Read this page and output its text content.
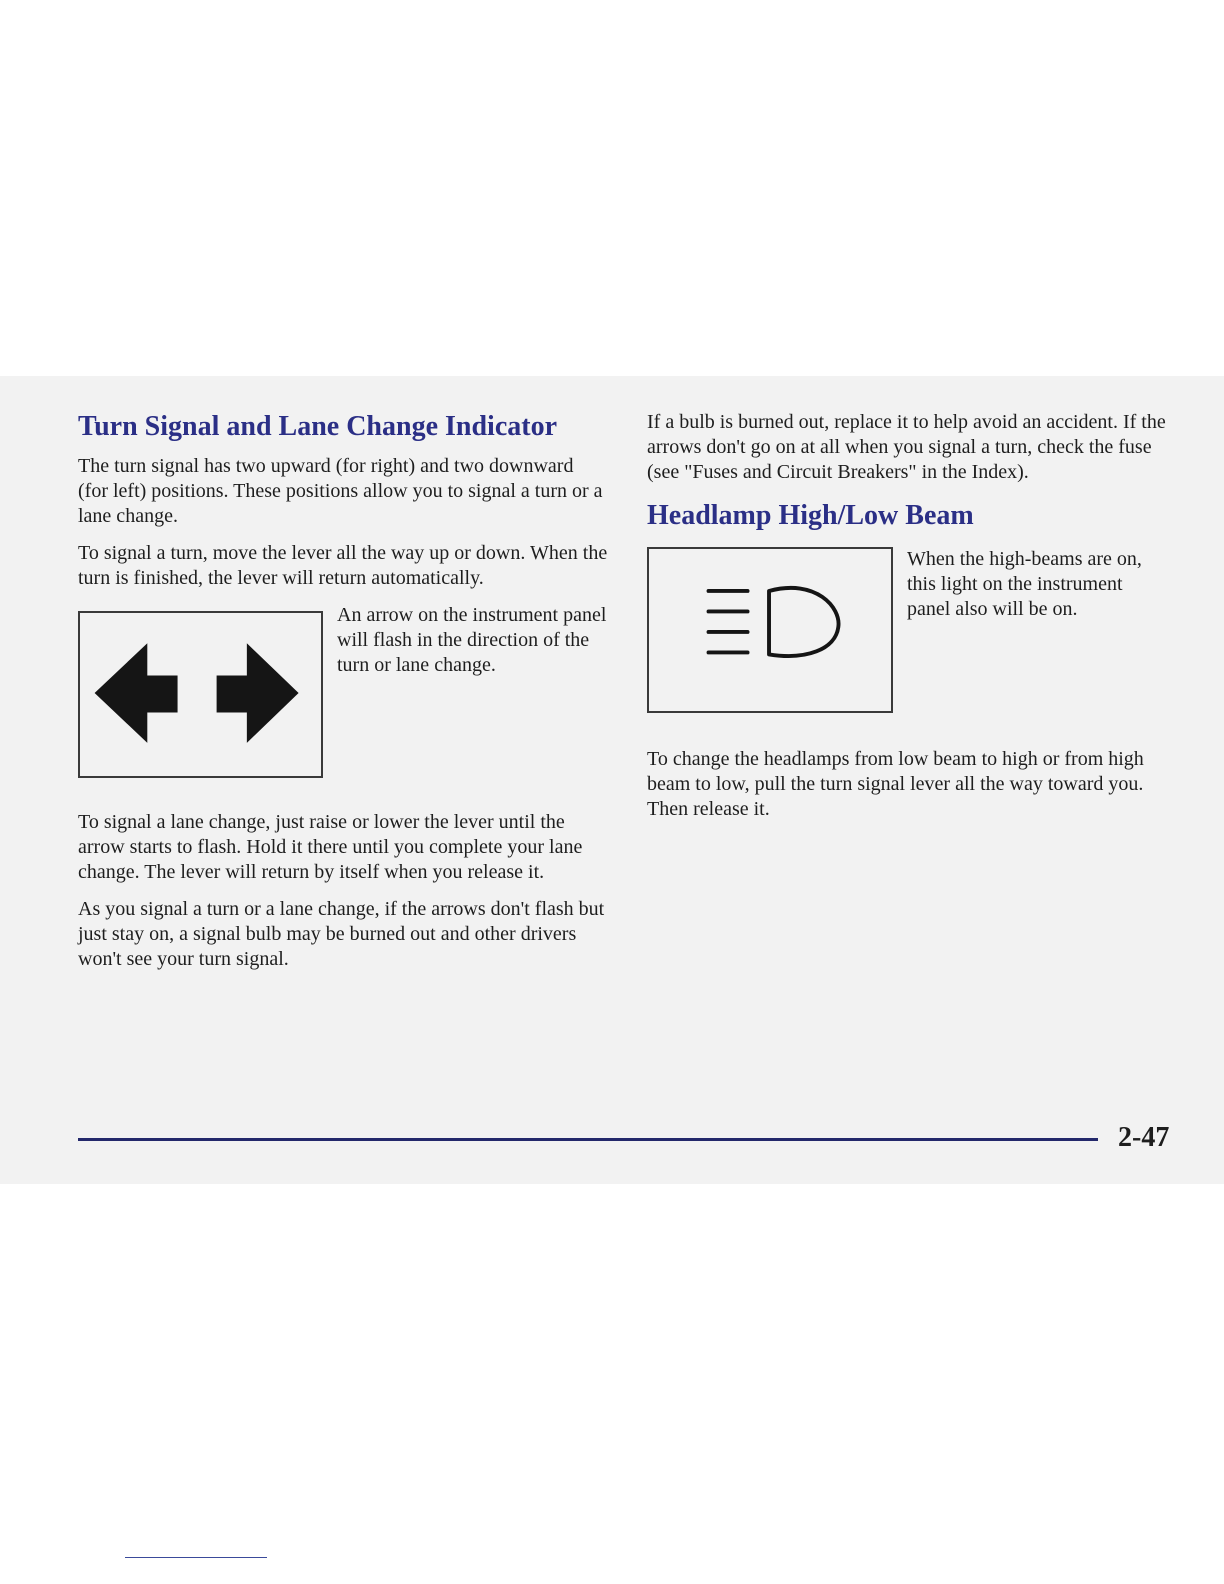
Turn Signal and Lane Change Indicator

The turn signal has two upward (for right) and two downward (for left) positions. These positions allow you to signal a turn or a lane change.

To signal a turn, move the lever all the way up or down. When the turn is finished, the lever will return automatically.

An arrow on the instrument panel will flash in the direction of the turn or lane change.

To signal a lane change, just raise or lower the lever until the arrow starts to flash. Hold it there until you complete your lane change. The lever will return by itself when you release it.

As you signal a turn or a lane change, if the arrows don't flash but just stay on, a signal bulb may be burned out and other drivers won't see your turn signal.

If a bulb is burned out, replace it to help avoid an accident. If the arrows don't go on at all when you signal a turn, check the fuse (see "Fuses and Circuit Breakers" in the Index).

Headlamp High/Low Beam
When the high-beams are on, this light on the instrument panel also will be on.

To change the headlamps from low beam to high or from high beam to low, pull the turn signal lever all the way toward you. Then release it.

2-47
